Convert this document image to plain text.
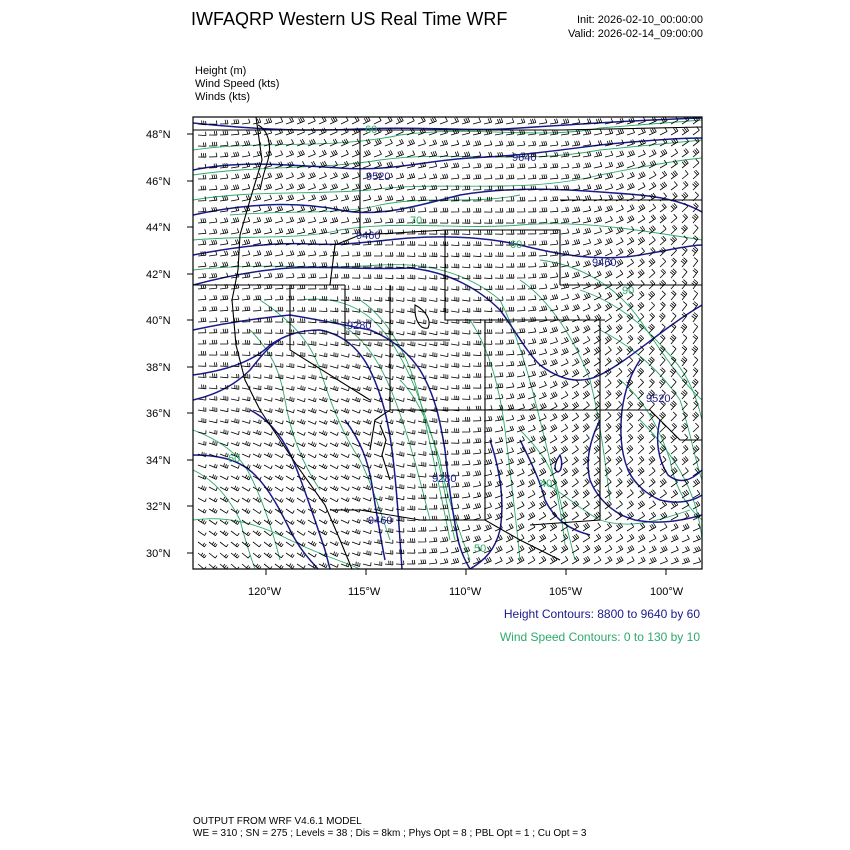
IWFAQRP Western US Real Time WRF	Init: 2026-02-10_00:00:00
Valid: 2026-02-14_09:00:00
Height (m)
Wind Speed (kts)
Winds (kts)
9640
9520
9460
9460
9280
9280
9460
9520
60
70
60
90
60
40
50
48°N
46°N
44°N
42°N
40°N
38°N
36°N
34°N
32°N
30°N
120°W	115°W	110°W	105°W	100°W
Height Contours: 8800 to 9640 by 60
Wind Speed Contours: 0 to 130 by 10
OUTPUT FROM WRF V4.6.1 MODEL
WE = 310 ; SN = 275 ; Levels = 38 ; Dis = 8km ; Phys Opt = 8 ; PBL Opt = 1 ; Cu Opt = 3
